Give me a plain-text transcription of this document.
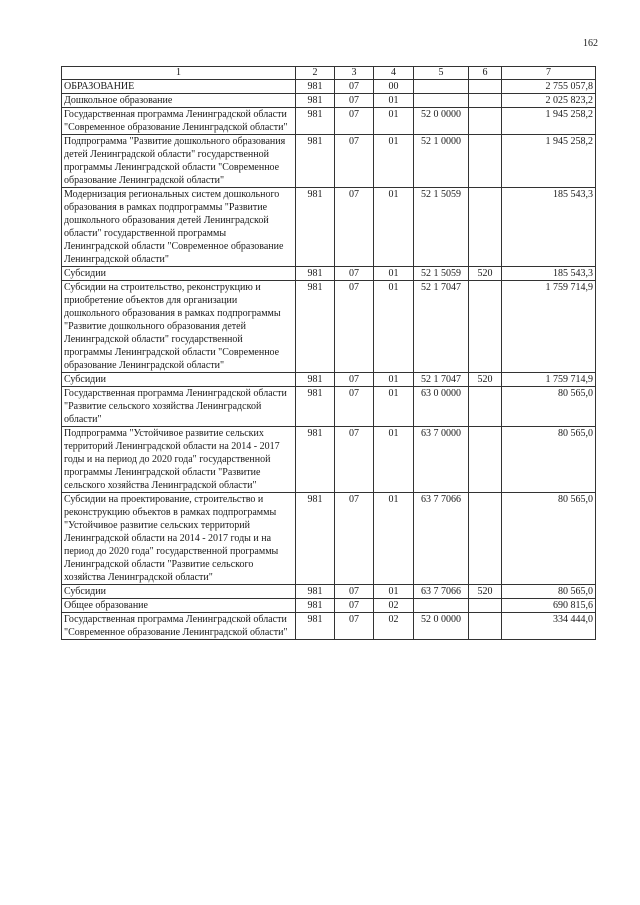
162
1	2	3	4	5	6	7
ОБРАЗОВАНИЕ	981	07	00			2 755 057,8
Дошкольное образование	981	07	01			2 025 823,2
Государственная программа Ленинградской области "Современное образование Ленинградской области"	981	07	01	52 0 0000		1 945 258,2
Подпрограмма "Развитие дошкольного образования детей Ленинградской области" государственной программы Ленинградской области "Современное образование Ленинградской области"	981	07	01	52 1 0000		1 945 258,2
Модернизация региональных систем дошкольного образования в рамках подпрограммы "Развитие дошкольного образования детей Ленинградской области" государственной программы Ленинградской области "Современное образование Ленинградской области"	981	07	01	52 1 5059		185 543,3
Субсидии	981	07	01	52 1 5059	520	185 543,3
Субсидии на строительство, реконструкцию и приобретение объектов для организации дошкольного образования в рамках подпрограммы "Развитие дошкольного образования детей Ленинградской области" государственной программы Ленинградской области "Современное образование Ленинградской области"	981	07	01	52 1 7047		1 759 714,9
Субсидии	981	07	01	52 1 7047	520	1 759 714,9
Государственная программа Ленинградской области "Развитие сельского хозяйства Ленинградской области"	981	07	01	63 0 0000		80 565,0
Подпрограмма "Устойчивое развитие сельских территорий Ленинградской области на 2014 - 2017 годы и на период до 2020 года" государственной программы Ленинградской области "Развитие сельского хозяйства Ленинградской области"	981	07	01	63 7 0000		80 565,0
Субсидии на проектирование, строительство и реконструкцию объектов в рамках подпрограммы "Устойчивое развитие сельских территорий Ленинградской области на 2014 - 2017 годы и на период до 2020 года" государственной программы Ленинградской области "Развитие сельского хозяйства Ленинградской области"	981	07	01	63 7 7066		80 565,0
Субсидии	981	07	01	63 7 7066	520	80 565,0
Общее образование	981	07	02			690 815,6
Государственная программа Ленинградской области "Современное образование Ленинградской области"	981	07	02	52 0 0000		334 444,0
